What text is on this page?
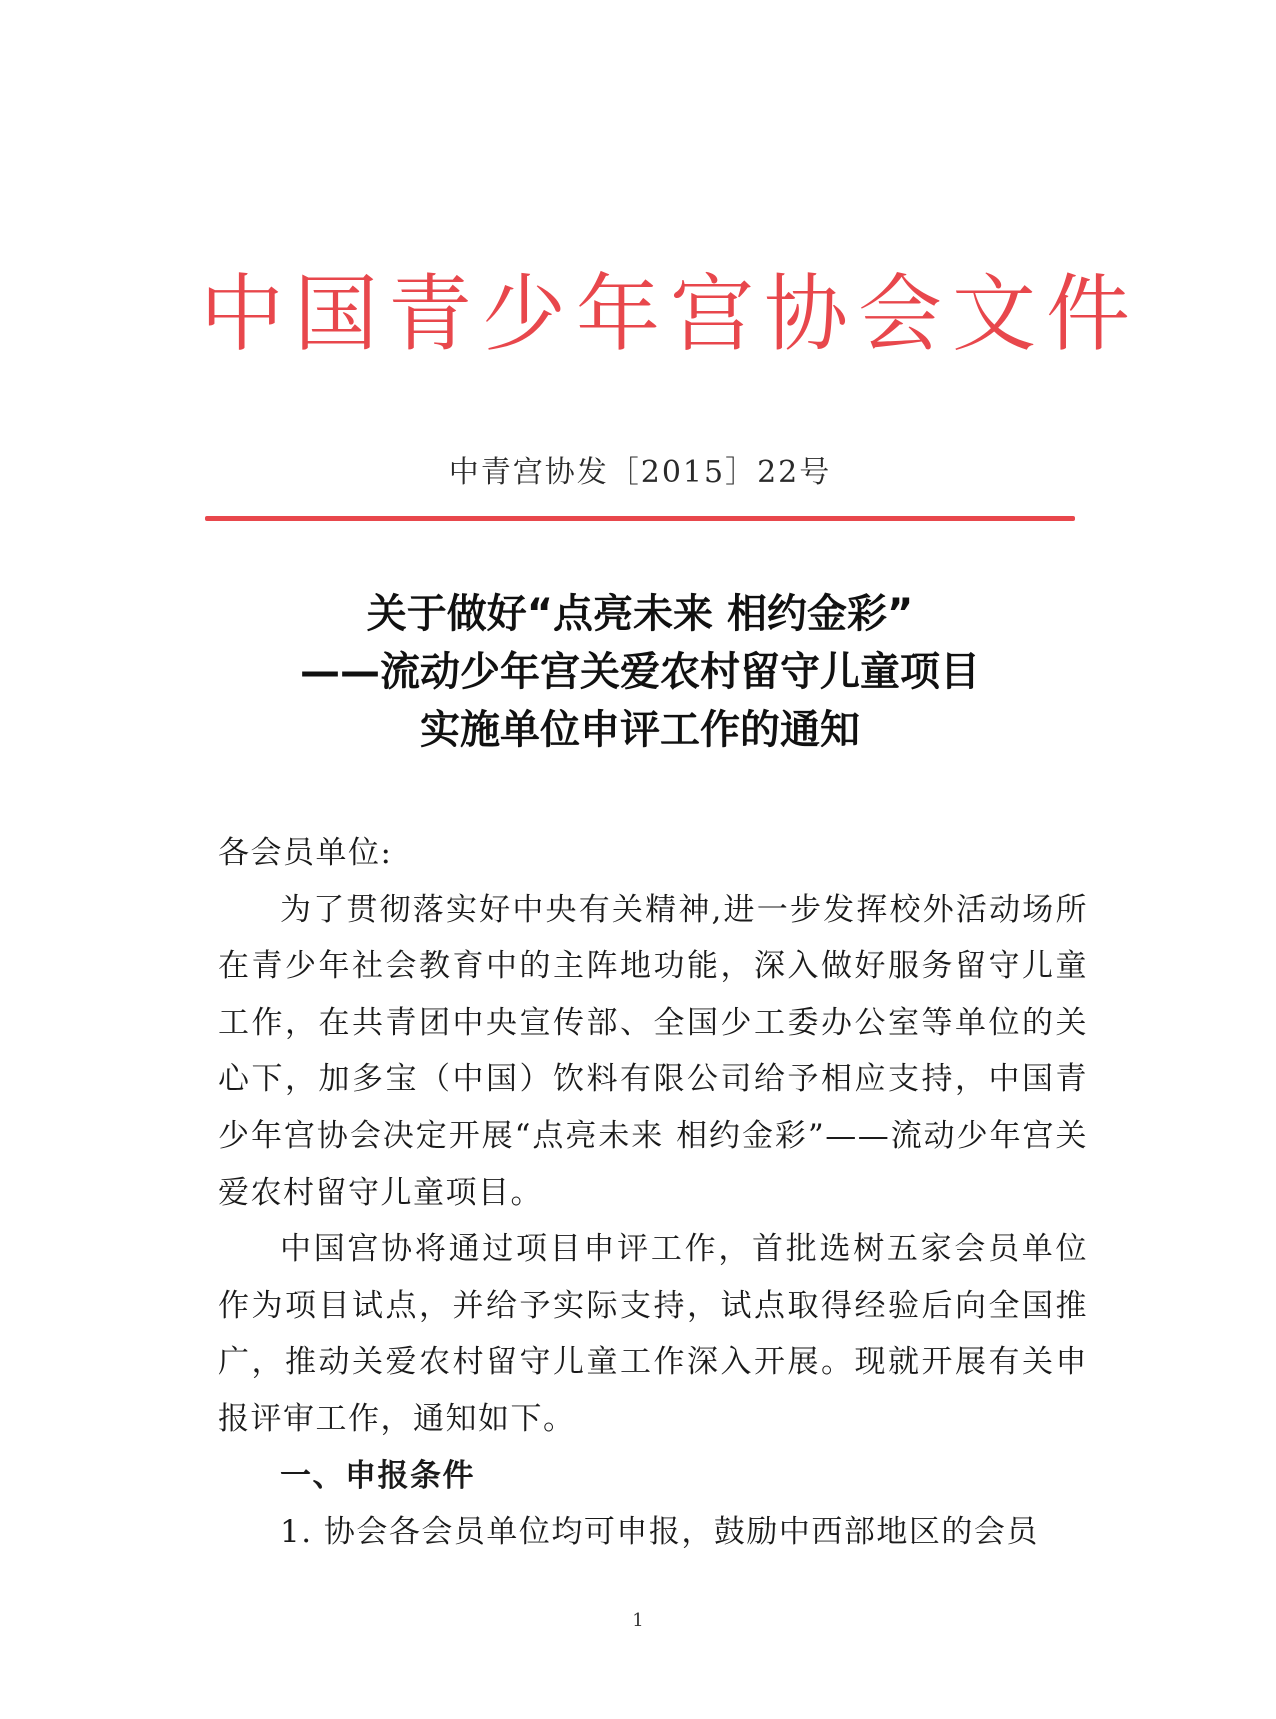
中国青少年宫协会文件
中青宫协发［2015］22号
关于做好“点亮未来 相约金彩”
——流动少年宫关爱农村留守儿童项目
实施单位申评工作的通知

各会员单位:

为了贯彻落实好中央有关精神,进一步发挥校外活动场所在青少年社会教育中的主阵地功能，深入做好服务留守儿童工作，在共青团中央宣传部、全国少工委办公室等单位的关心下，加多宝（中国）饮料有限公司给予相应支持，中国青少年宫协会决定开展“点亮未来 相约金彩”——流动少年宫关爱农村留守儿童项目。

中国宫协将通过项目申评工作，首批选树五家会员单位作为项目试点，并给予实际支持，试点取得经验后向全国推广，推动关爱农村留守儿童工作深入开展。现就开展有关申报评审工作，通知如下。

一、申报条件

1. 协会各会员单位均可申报，鼓励中西部地区的会员

1
